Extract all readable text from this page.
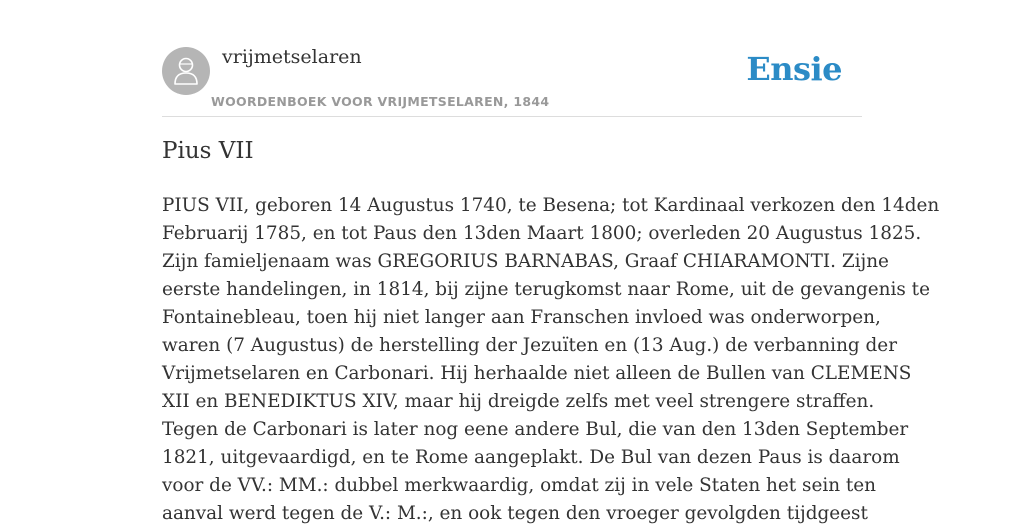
vrijmetselaren
WOORDENBOEK VOOR VRIJMETSELAREN, 1844
Ensie
Pius VII

PIUS VII, geboren 14 Augustus 1740, te Besena; tot Kardinaal verkozen den 14den
Februarij 1785, en tot Paus den 13den Maart 1800; overleden 20 Augustus 1825.
Zijn famieljenaam was GREGORIUS BARNABAS, Graaf CHIARAMONTI. Zijne
eerste handelingen, in 1814, bij zijne terugkomst naar Rome, uit de gevangenis te
Fontainebleau, toen hij niet langer aan Franschen invloed was onderworpen,
waren (7 Augustus) de herstelling der Jezuïten en (13 Aug.) de verbanning der
Vrijmetselaren en Carbonari. Hij herhaalde niet alleen de Bullen van CLEMENS
XII en BENEDIKTUS XIV, maar hij dreigde zelfs met veel strengere straffen.
Tegen de Carbonari is later nog eene andere Bul, die van den 13den September
1821, uitgevaardigd, en te Rome aangeplakt. De Bul van dezen Paus is daarom
voor de VV.: MM.: dubbel merkwaardig, omdat zij in vele Staten het sein ten
aanval werd tegen de V.: M.:, en ook tegen den vroeger gevolgden tijdgeest
